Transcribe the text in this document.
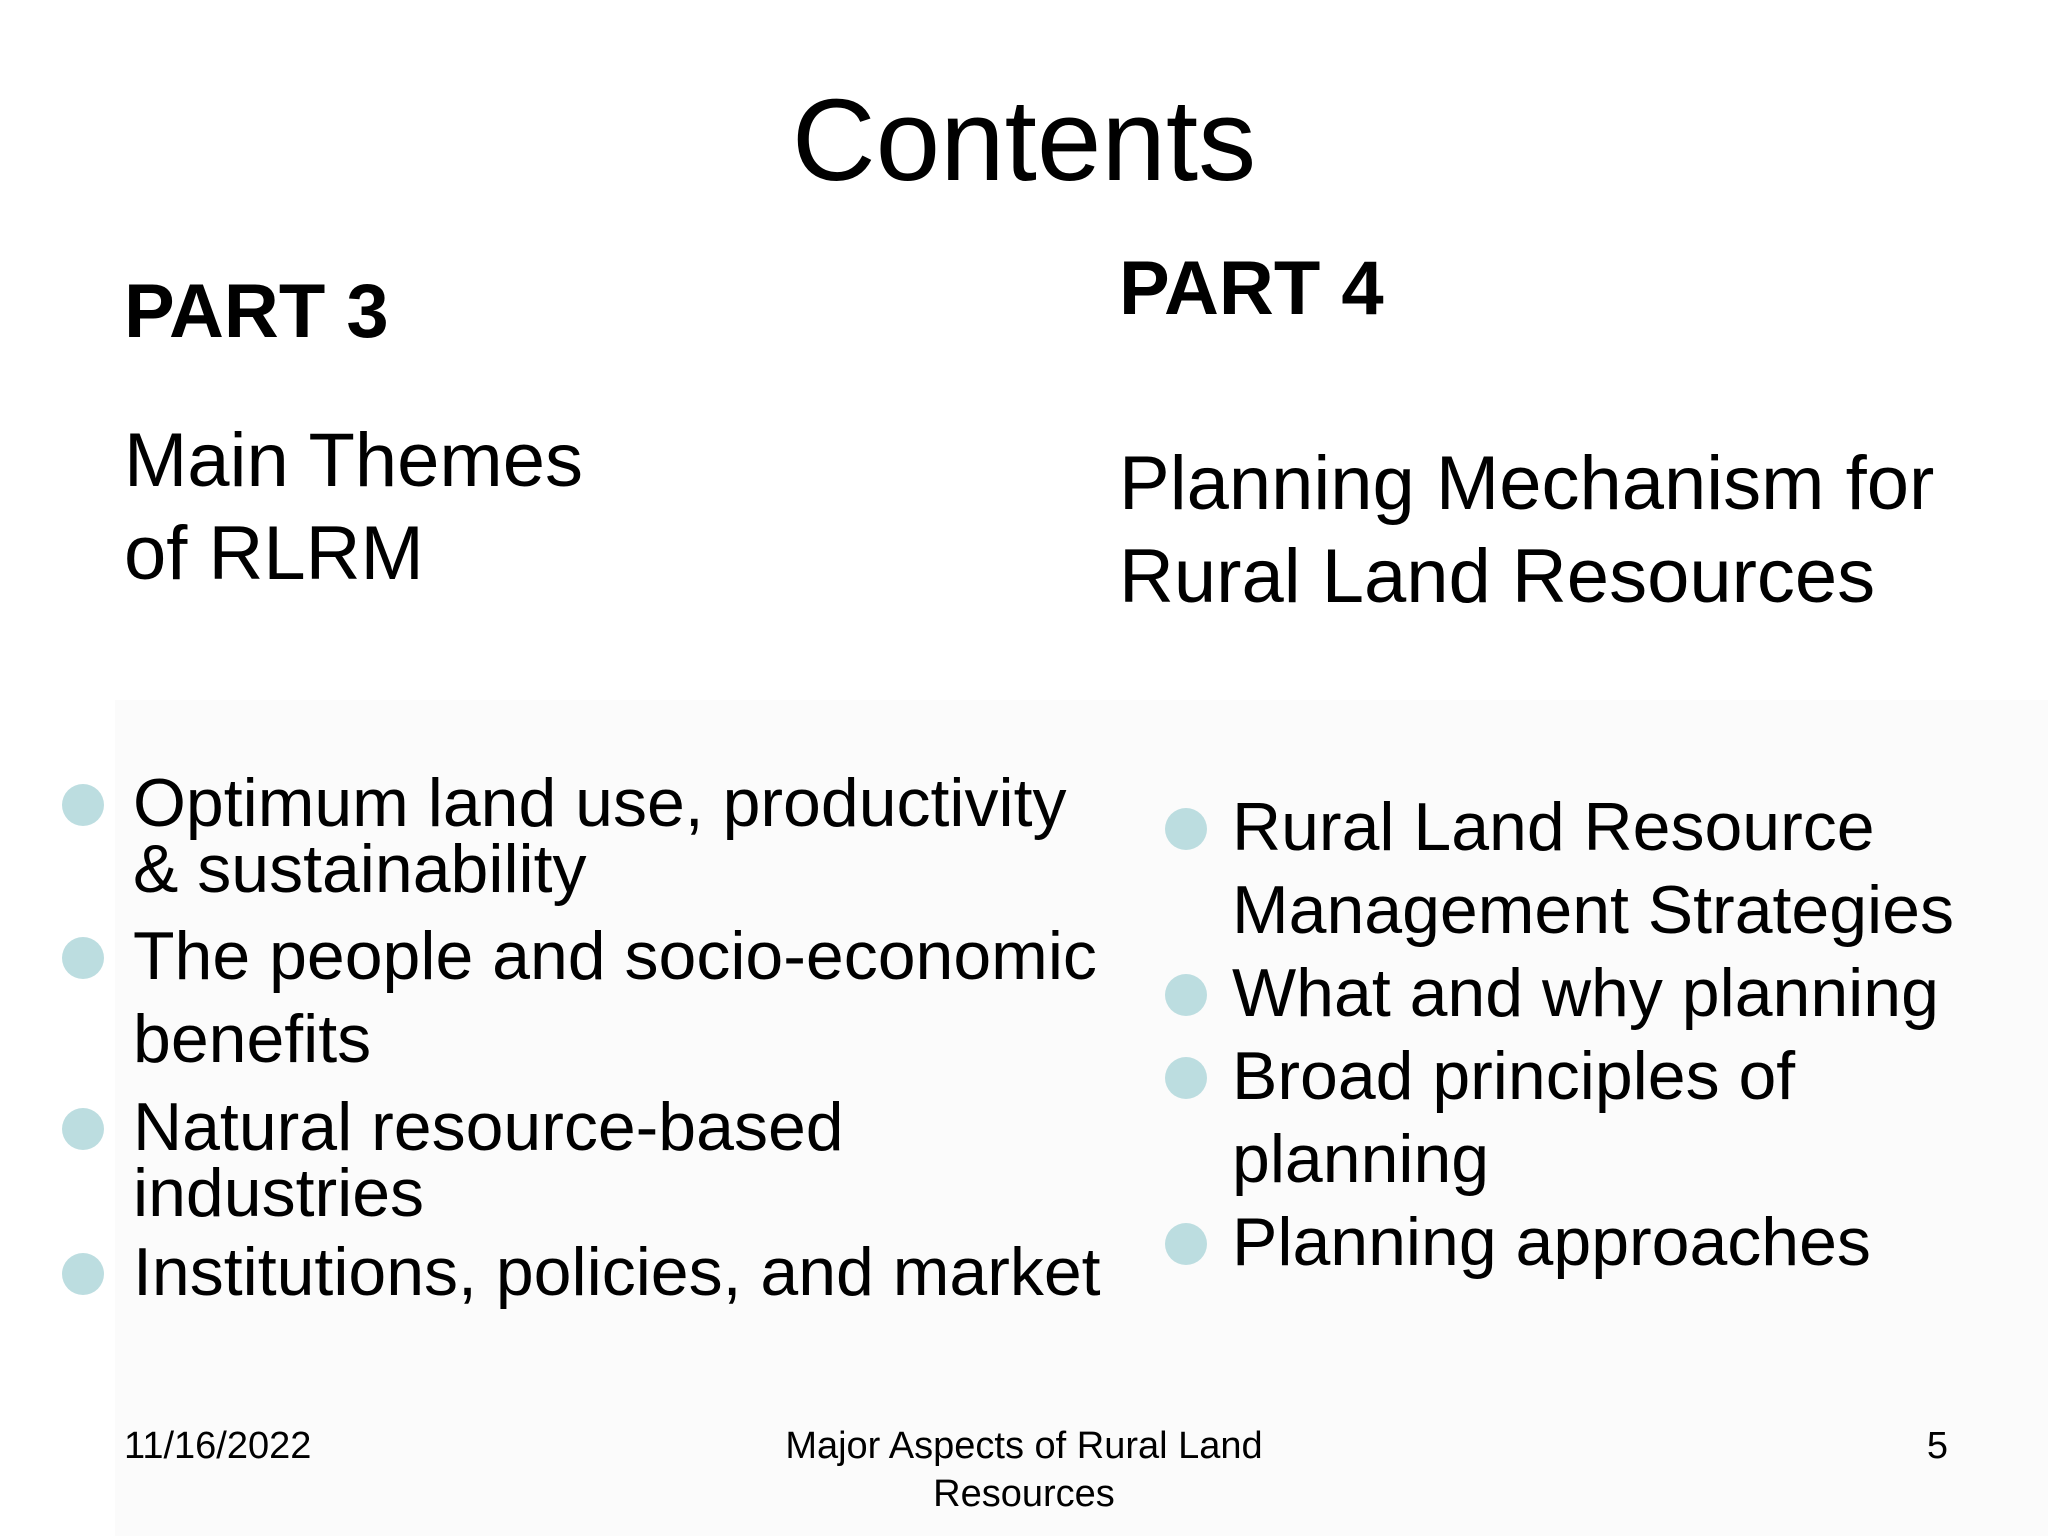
Contents
PART 3
Main Themes
of RLRM
PART 4
Planning Mechanism for
Rural Land Resources
Optimum land use, productivity
& sustainability
The people and socio-economic
benefits
Natural resource-based
industries
Institutions, policies, and market
Rural Land Resource
Management Strategies
What and why planning
Broad principles of
planning
Planning approaches
11/16/2022	Major Aspects of Rural Land
Resources
5
